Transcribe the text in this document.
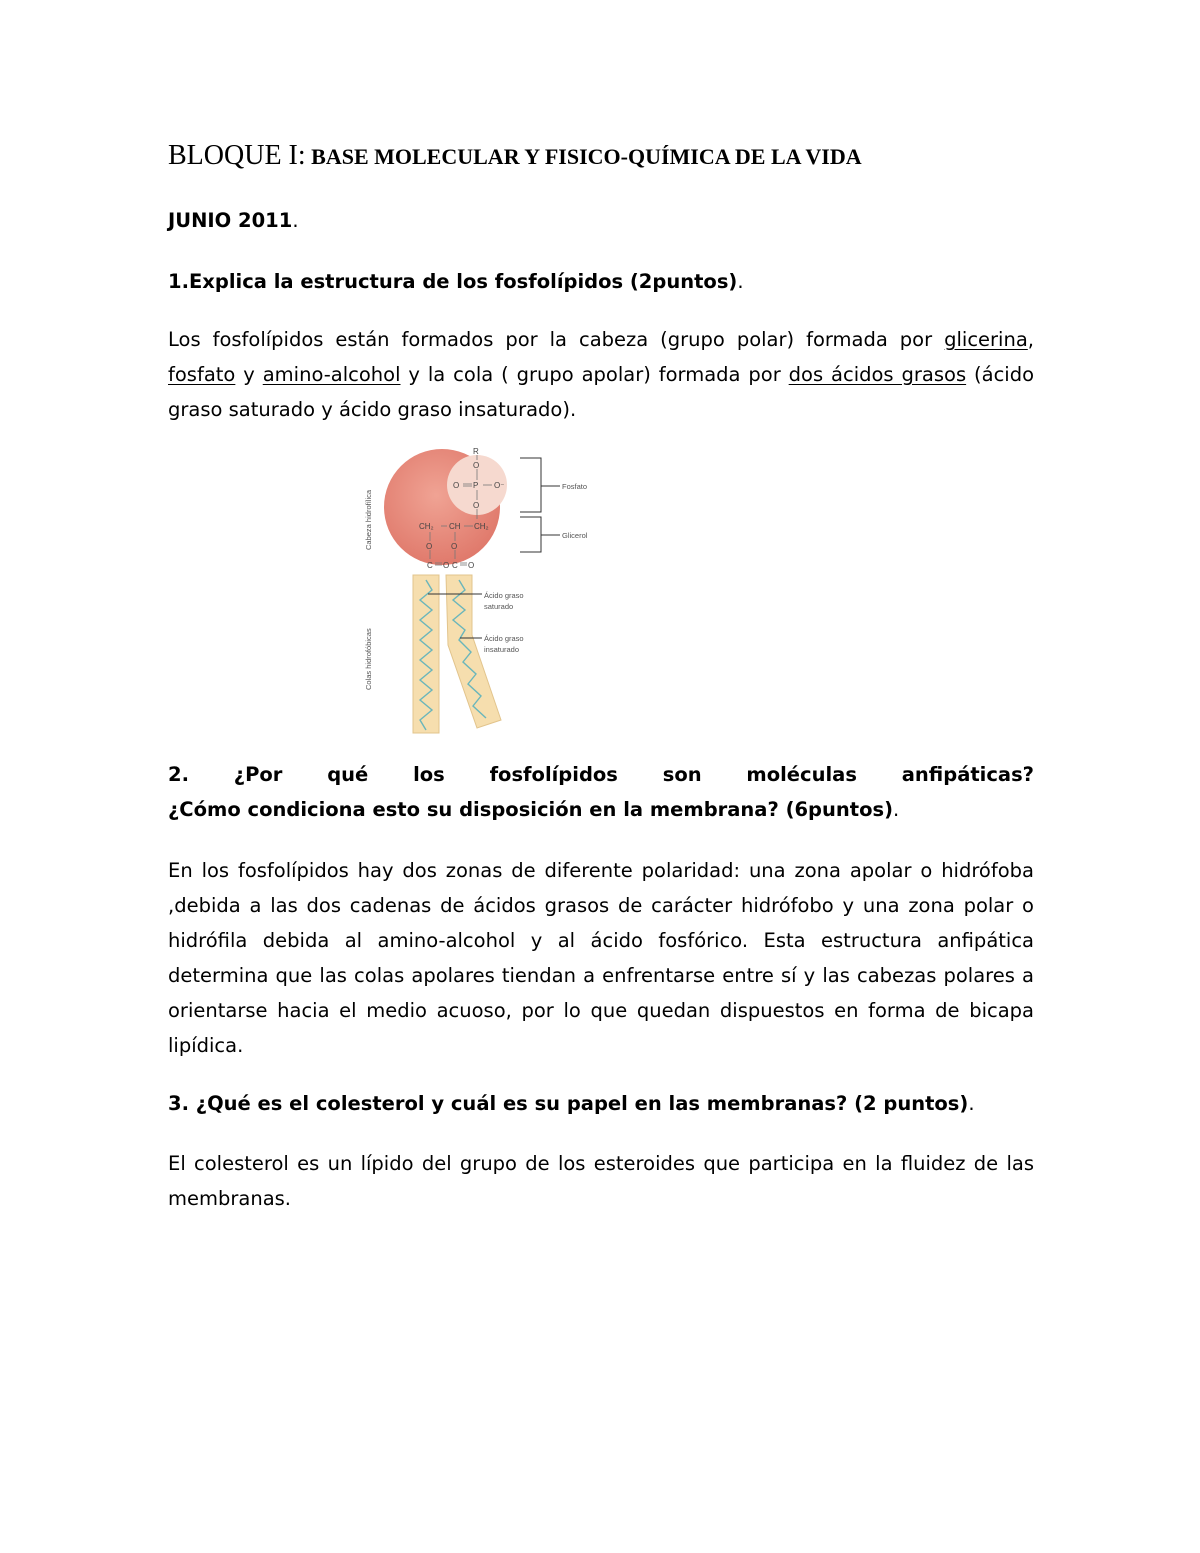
BLOQUE I: BASE MOLECULAR Y FISICO-QUÍMICA DE LA VIDA
JUNIO 2011.
1.Explica la estructura de los fosfolípidos (2puntos).
Los fosfolípidos están formados por la cabeza (grupo polar) formada por glicerina, fosfato y amino-alcohol y la cola ( grupo apolar) formada por dos ácidos grasos (ácido graso saturado y ácido graso insaturado).
R
O
O P O⁻
O
CH₂ CH CH₂
O O
C O C O
Fosfato
Glicerol
Ácido graso
saturado
Ácido graso
insaturado
Cabeza hidrofílica
Colas hidrofóbicas
2. ¿Por qué los fosfolípidos son moléculas anfipáticas?
¿Cómo condiciona esto su disposición en la membrana? (6puntos).
En los fosfolípidos hay dos zonas de diferente polaridad: una zona apolar o hidrófoba ,debida a las dos cadenas de ácidos grasos de carácter hidrófobo y una zona polar o hidrófila debida al amino-alcohol y al ácido fosfórico. Esta estructura anfipática determina que las colas apolares tiendan a enfrentarse entre sí y las cabezas polares a orientarse hacia el medio acuoso, por lo que quedan dispuestos en forma de bicapa lipídica.
3. ¿Qué es el colesterol y cuál es su papel en las membranas? (2 puntos).
El colesterol es un lípido del grupo de los esteroides que participa en la fluidez de las membranas.
